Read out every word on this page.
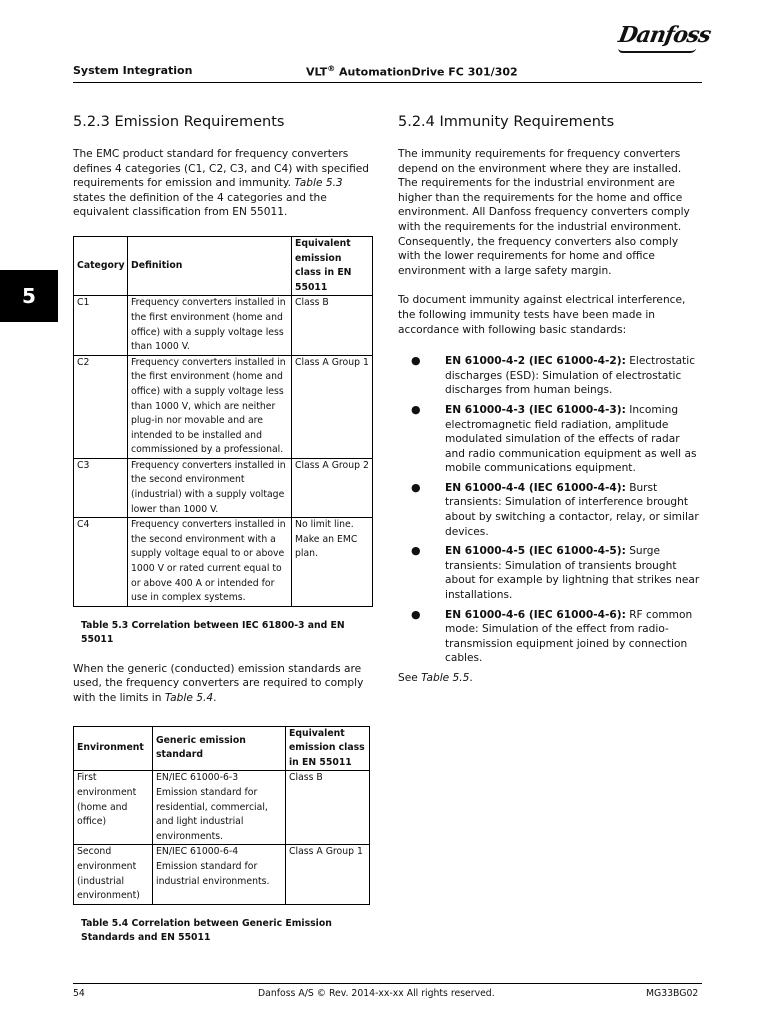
Danfoss
System Integration	VLT® AutomationDrive FC 301/302
5
5.2.3 Emission Requirements

The EMC product standard for frequency converters defines 4 categories (C1, C2, C3, and C4) with specified requirements for emission and immunity. Table 5.3 states the definition of the 4 categories and the equivalent classification from EN 55011.

Category	Definition	Equivalent emission class in EN 55011
C1	Frequency converters installed in the first environment (home and office) with a supply voltage less than 1000 V.	Class B
C2	Frequency converters installed in the first environment (home and office) with a supply voltage less than 1000 V, which are neither plug-in nor movable and are intended to be installed and commissioned by a professional.	Class A Group 1
C3	Frequency converters installed in the second environment (industrial) with a supply voltage lower than 1000 V.	Class A Group 2
C4	Frequency converters installed in the second environment with a supply voltage equal to or above 1000 V or rated current equal to or above 400 A or intended for use in complex systems.	No limit line. Make an EMC plan.
Table 5.3 Correlation between IEC 61800-3 and EN 55011

When the generic (conducted) emission standards are used, the frequency converters are required to comply with the limits in Table 5.4.

Environment	Generic emission standard	Equivalent emission class in EN 55011
First environment (home and office)	EN/IEC 61000-6-3 Emission standard for residential, commercial, and light industrial environments.	Class B
Second environment (industrial environment)	EN/IEC 61000-6-4 Emission standard for industrial environments.	Class A Group 1
Table 5.4 Correlation between Generic Emission Standards and EN 55011
5.2.4 Immunity Requirements

The immunity requirements for frequency converters depend on the environment where they are installed. The requirements for the industrial environment are higher than the requirements for the home and office environment. All Danfoss frequency converters comply with the requirements for the industrial environment. Consequently, the frequency converters also comply with the lower requirements for home and office environment with a large safety margin.

To document immunity against electrical interference, the following immunity tests have been made in accordance with following basic standards:

● EN 61000-4-2 (IEC 61000-4-2): Electrostatic discharges (ESD): Simulation of electrostatic discharges from human beings.
● EN 61000-4-3 (IEC 61000-4-3): Incoming electromagnetic field radiation, amplitude modulated simulation of the effects of radar and radio communication equipment as well as mobile communications equipment.
● EN 61000-4-4 (IEC 61000-4-4): Burst transients: Simulation of interference brought about by switching a contactor, relay, or similar devices.
● EN 61000-4-5 (IEC 61000-4-5): Surge transients: Simulation of transients brought about for example by lightning that strikes near installations.
● EN 61000-4-6 (IEC 61000-4-6): RF common mode: Simulation of the effect from radio-transmission equipment joined by connection cables.

See Table 5.5.

54	Danfoss A/S © Rev. 2014-xx-xx All rights reserved.	MG33BG02
